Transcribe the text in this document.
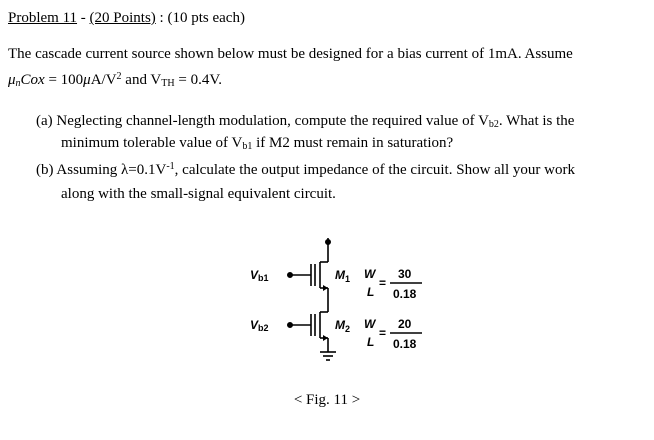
Problem 11 - (20 Points) : (10 pts each)
The cascade current source shown below must be designed for a bias current of 1mA. Assume
$\mu_nCox = 100\mu A/V^2$ and $V_{TH} = 0.4V$.
(a) Neglecting channel-length modulation, compute the required value of $V_{b2}$. What is the
minimum tolerable value of $V_{b1}$ if M2 must remain in saturation?
(b) Assuming $\lambda=0.1V^{-1}$, calculate the output impedance of the circuit. Show all your work
along with the small-signal equivalent circuit.
Vb1
Vb2
$M_1$
$M_2$
W
L
=
30
0.18
W
L
=
20
0.18
< Fig. 11 >
